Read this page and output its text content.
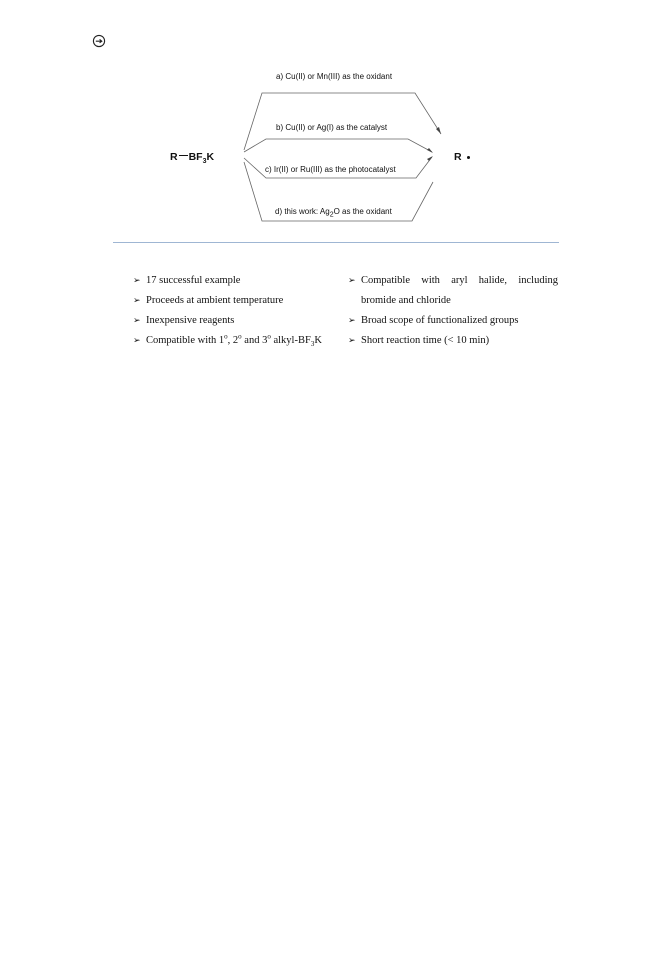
R $BF_3K$	R
a) Cu(II) or Mn(III) as the oxidant
b) Cu(II) or Ag(I) as the catalyst
c) Ir(II) or Ru(III) as the photocatalyst
d) this work: $Ag_2O$ as the oxidant
➢ 17 successful example
➢ Proceeds at ambient temperature
➢ Inexpensive reagents
➢ Compatible with 1$^o$, 2$^o$ and 3$^o$ alkyl-$BF_3K$
➢ Compatible with aryl halide, including
bromide and chloride
➢ Broad scope of functionalized groups
➢ Short reaction time (< 10 min)
